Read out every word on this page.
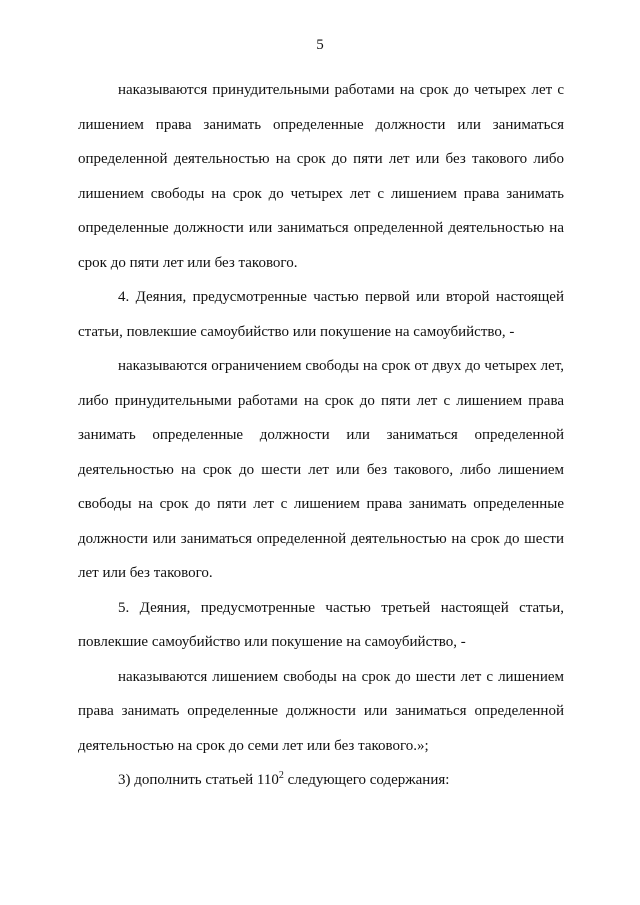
5

наказываются принудительными работами на срок до четырех лет с лишением права занимать определенные должности или заниматься определенной деятельностью на срок до пяти лет или без такового либо лишением свободы на срок до четырех лет с лишением права занимать определенные должности или заниматься определенной деятельностью на срок до пяти лет или без такового.

4. Деяния, предусмотренные частью первой или второй настоящей статьи, повлекшие самоубийство или покушение на самоубийство, -

наказываются ограничением свободы на срок от двух до четырех лет, либо принудительными работами на срок до пяти лет с лишением права занимать определенные должности или заниматься определенной деятельностью на срок до шести лет или без такового, либо лишением свободы на срок до пяти лет с лишением права занимать определенные должности или заниматься определенной деятельностью на срок до шести лет или без такового.

5. Деяния, предусмотренные частью третьей настоящей статьи, повлекшие самоубийство или покушение на самоубийство, -

наказываются лишением свободы на срок до шести лет с лишением права занимать определенные должности или заниматься определенной деятельностью на срок до семи лет или без такового.»;

3) дополнить статьей $110^2$ следующего содержания:
